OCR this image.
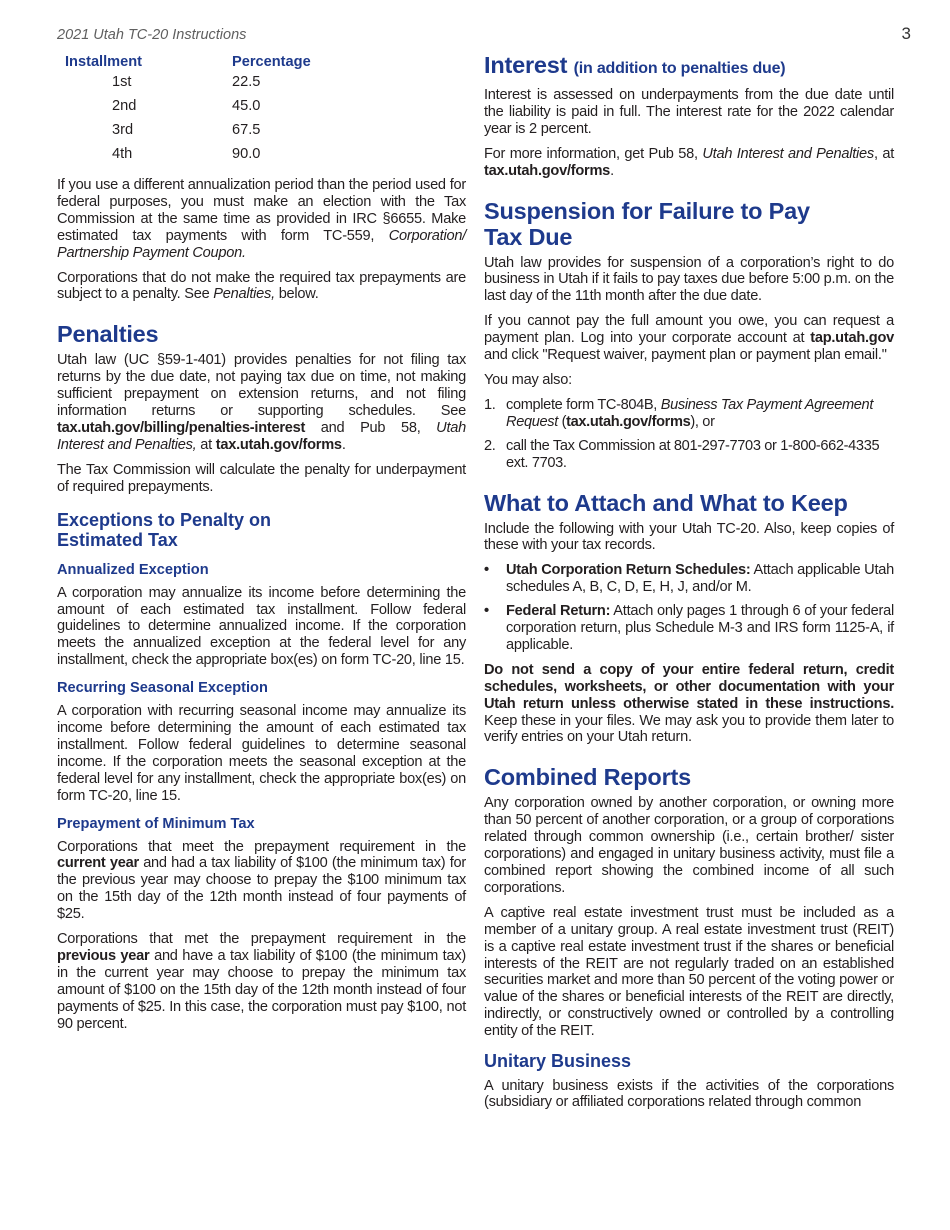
2021 Utah TC-20 Instructions	3
Installment	Percentage
1st	22.5
2nd	45.0
3rd	67.5
4th	90.0

If you use a different annualization period than the period used for federal purposes, you must make an election with the Tax Commission at the same time as provided in IRC §6655. Make estimated tax payments with form TC-559, Corporation/ Partnership Payment Coupon.

Corporations that do not make the required tax prepayments are subject to a penalty. See Penalties, below.

Penalties

Utah law (UC §59-1-401) provides penalties for not filing tax returns by the due date, not paying tax due on time, not making sufficient prepayment on extension returns, and not filing information returns or supporting schedules. See tax.utah.gov/billing/penalties-interest and Pub 58, Utah Interest and Penalties, at tax.utah.gov/forms.

The Tax Commission will calculate the penalty for underpayment of required prepayments.

Exceptions to Penalty on
Estimated Tax
Annualized Exception

A corporation may annualize its income before determining the amount of each estimated tax installment. Follow federal guidelines to determine annualized income. If the corporation meets the annualized exception at the federal level for any installment, check the appropriate box(es) on form TC-20, line 15.

Recurring Seasonal Exception

A corporation with recurring seasonal income may annualize its income before determining the amount of each estimated tax installment. Follow federal guidelines to determine seasonal income. If the corporation meets the seasonal exception at the federal level for any installment, check the appropriate box(es) on form TC-20, line 15.

Prepayment of Minimum Tax

Corporations that meet the prepayment requirement in the current year and had a tax liability of $100 (the minimum tax) for the previous year may choose to prepay the $100 minimum tax on the 15th day of the 12th month instead of four payments of $25.

Corporations that met the prepayment requirement in the previous year and have a tax liability of $100 (the minimum tax) in the current year may choose to prepay the minimum tax amount of $100 on the 15th day of the 12th month instead of four payments of $25. In this case, the corporation must pay $100, not 90 percent.

Interest (in addition to penalties due)

Interest is assessed on underpayments from the due date until the liability is paid in full. The interest rate for the 2022 calendar year is 2 percent.

For more information, get Pub 58, Utah Interest and Penalties, at tax.utah.gov/forms.

Suspension for Failure to Pay
Tax Due

Utah law provides for suspension of a corporation’s right to do business in Utah if it fails to pay taxes due before 5:00 p.m. on the last day of the 11th month after the due date.

If you cannot pay the full amount you owe, you can request a payment plan. Log into your corporate account at tap.utah.gov and click "Request waiver, payment plan or payment plan email."

You may also:

1. complete form TC-804B, Business Tax Payment Agreement Request (tax.utah.gov/forms), or
2. call the Tax Commission at 801-297-7703 or 1-800-662-4335 ext. 7703.
What to Attach and What to Keep

Include the following with your Utah TC-20. Also, keep copies of these with your tax records.

• Utah Corporation Return Schedules: Attach applicable Utah schedules A, B, C, D, E, H, J, and/or M.
• Federal Return: Attach only pages 1 through 6 of your federal corporation return, plus Schedule M-3 and IRS form 1125-A, if applicable.

Do not send a copy of your entire federal return, credit schedules, worksheets, or other documentation with your Utah return unless otherwise stated in these instructions. Keep these in your files. We may ask you to provide them later to verify entries on your Utah return.

Combined Reports

Any corporation owned by another corporation, or owning more than 50 percent of another corporation, or a group of corporations related through common ownership (i.e., certain brother/ sister corporations) and engaged in unitary business activity, must file a combined report showing the combined income of all such corporations.

A captive real estate investment trust must be included as a member of a unitary group. A real estate investment trust (REIT) is a captive real estate investment trust if the shares or beneficial interests of the REIT are not regularly traded on an established securities market and more than 50 percent of the voting power or value of the shares or beneficial interests of the REIT are directly, indirectly, or constructively owned or controlled by a controlling entity of the REIT.

Unitary Business

A unitary business exists if the activities of the corporations (subsidiary or affiliated corporations related through common
